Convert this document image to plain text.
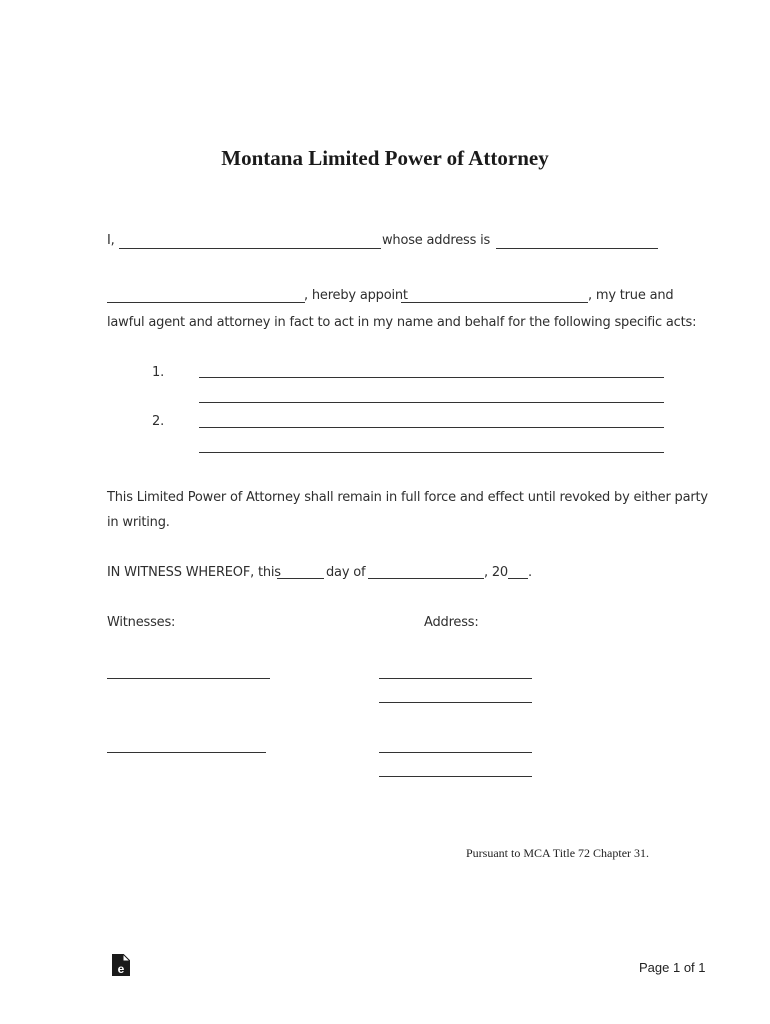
Montana Limited Power of Attorney
I,	whose address is
, hereby appoint	, my true and
lawful agent and attorney in fact to act in my name and behalf for the following specific acts:
1.
2.
This Limited Power of Attorney shall remain in full force and effect until revoked by either party
in writing.
IN WITNESS WHEREOF, this	day of	, 20 .
Witnesses:	Address:
Pursuant to MCA Title 72 Chapter 31.
e	Page 1 of 1
